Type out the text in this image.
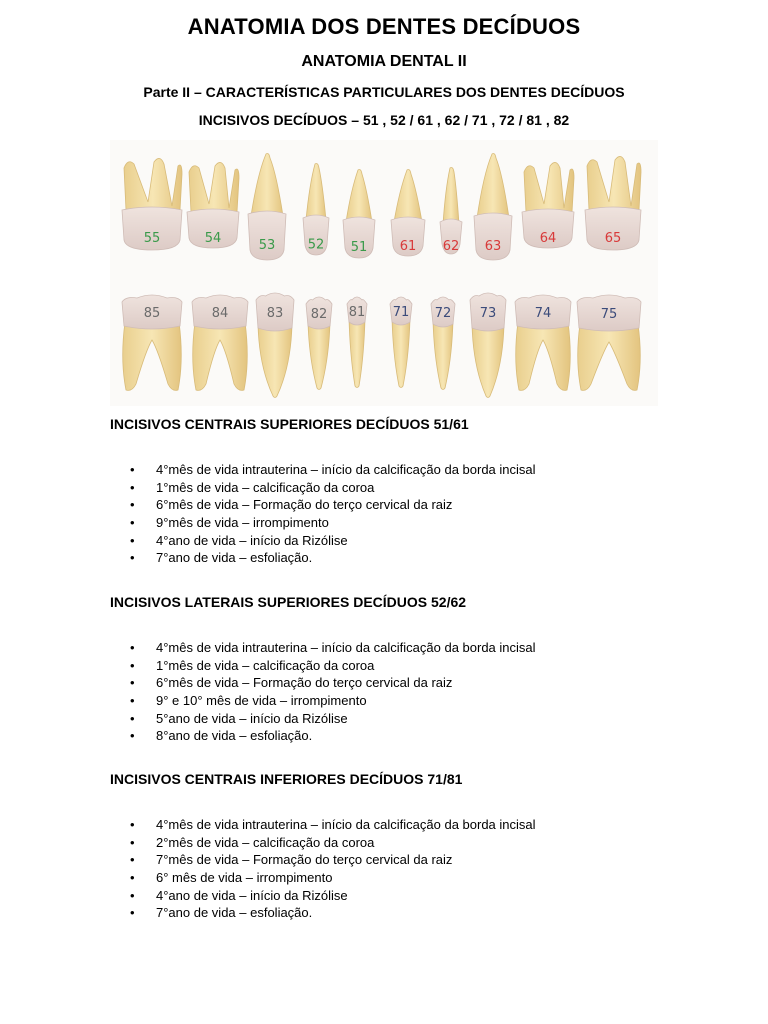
ANATOMIA DOS DENTES DECÍDUOS
ANATOMIA DENTAL II
Parte II – CARACTERÍSTICAS PARTICULARES DOS DENTES DECÍDUOS
INCISIVOS DECÍDUOS – 51 , 52 / 61 , 62 / 71 , 72 / 81 , 82
55	54	53 52 51 61 62 63
64	65
85	84	83 82 81 71 72 73	74	75

INCISIVOS CENTRAIS SUPERIORES DECÍDUOS 51/61

• 4°mês de vida intrauterina – início da calcificação da borda incisal
• 1°mês de vida – calcificação da coroa
• 6°mês de vida – Formação do terço cervical da raiz
• 9°mês de vida – irrompimento
• 4°ano de vida – início da Rizólise
• 7°ano de vida – esfoliação.

INCISIVOS LATERAIS SUPERIORES DECÍDUOS 52/62

• 4°mês de vida intrauterina – início da calcificação da borda incisal
• 1°mês de vida – calcificação da coroa
• 6°mês de vida – Formação do terço cervical da raiz
• 9° e 10° mês de vida – irrompimento
• 5°ano de vida – início da Rizólise
• 8°ano de vida – esfoliação.

INCISIVOS CENTRAIS INFERIORES DECÍDUOS 71/81

• 4°mês de vida intrauterina – início da calcificação da borda incisal
• 2°mês de vida – calcificação da coroa
• 7°mês de vida – Formação do terço cervical da raiz
• 6° mês de vida – irrompimento
• 4°ano de vida – início da Rizólise
• 7°ano de vida – esfoliação.
